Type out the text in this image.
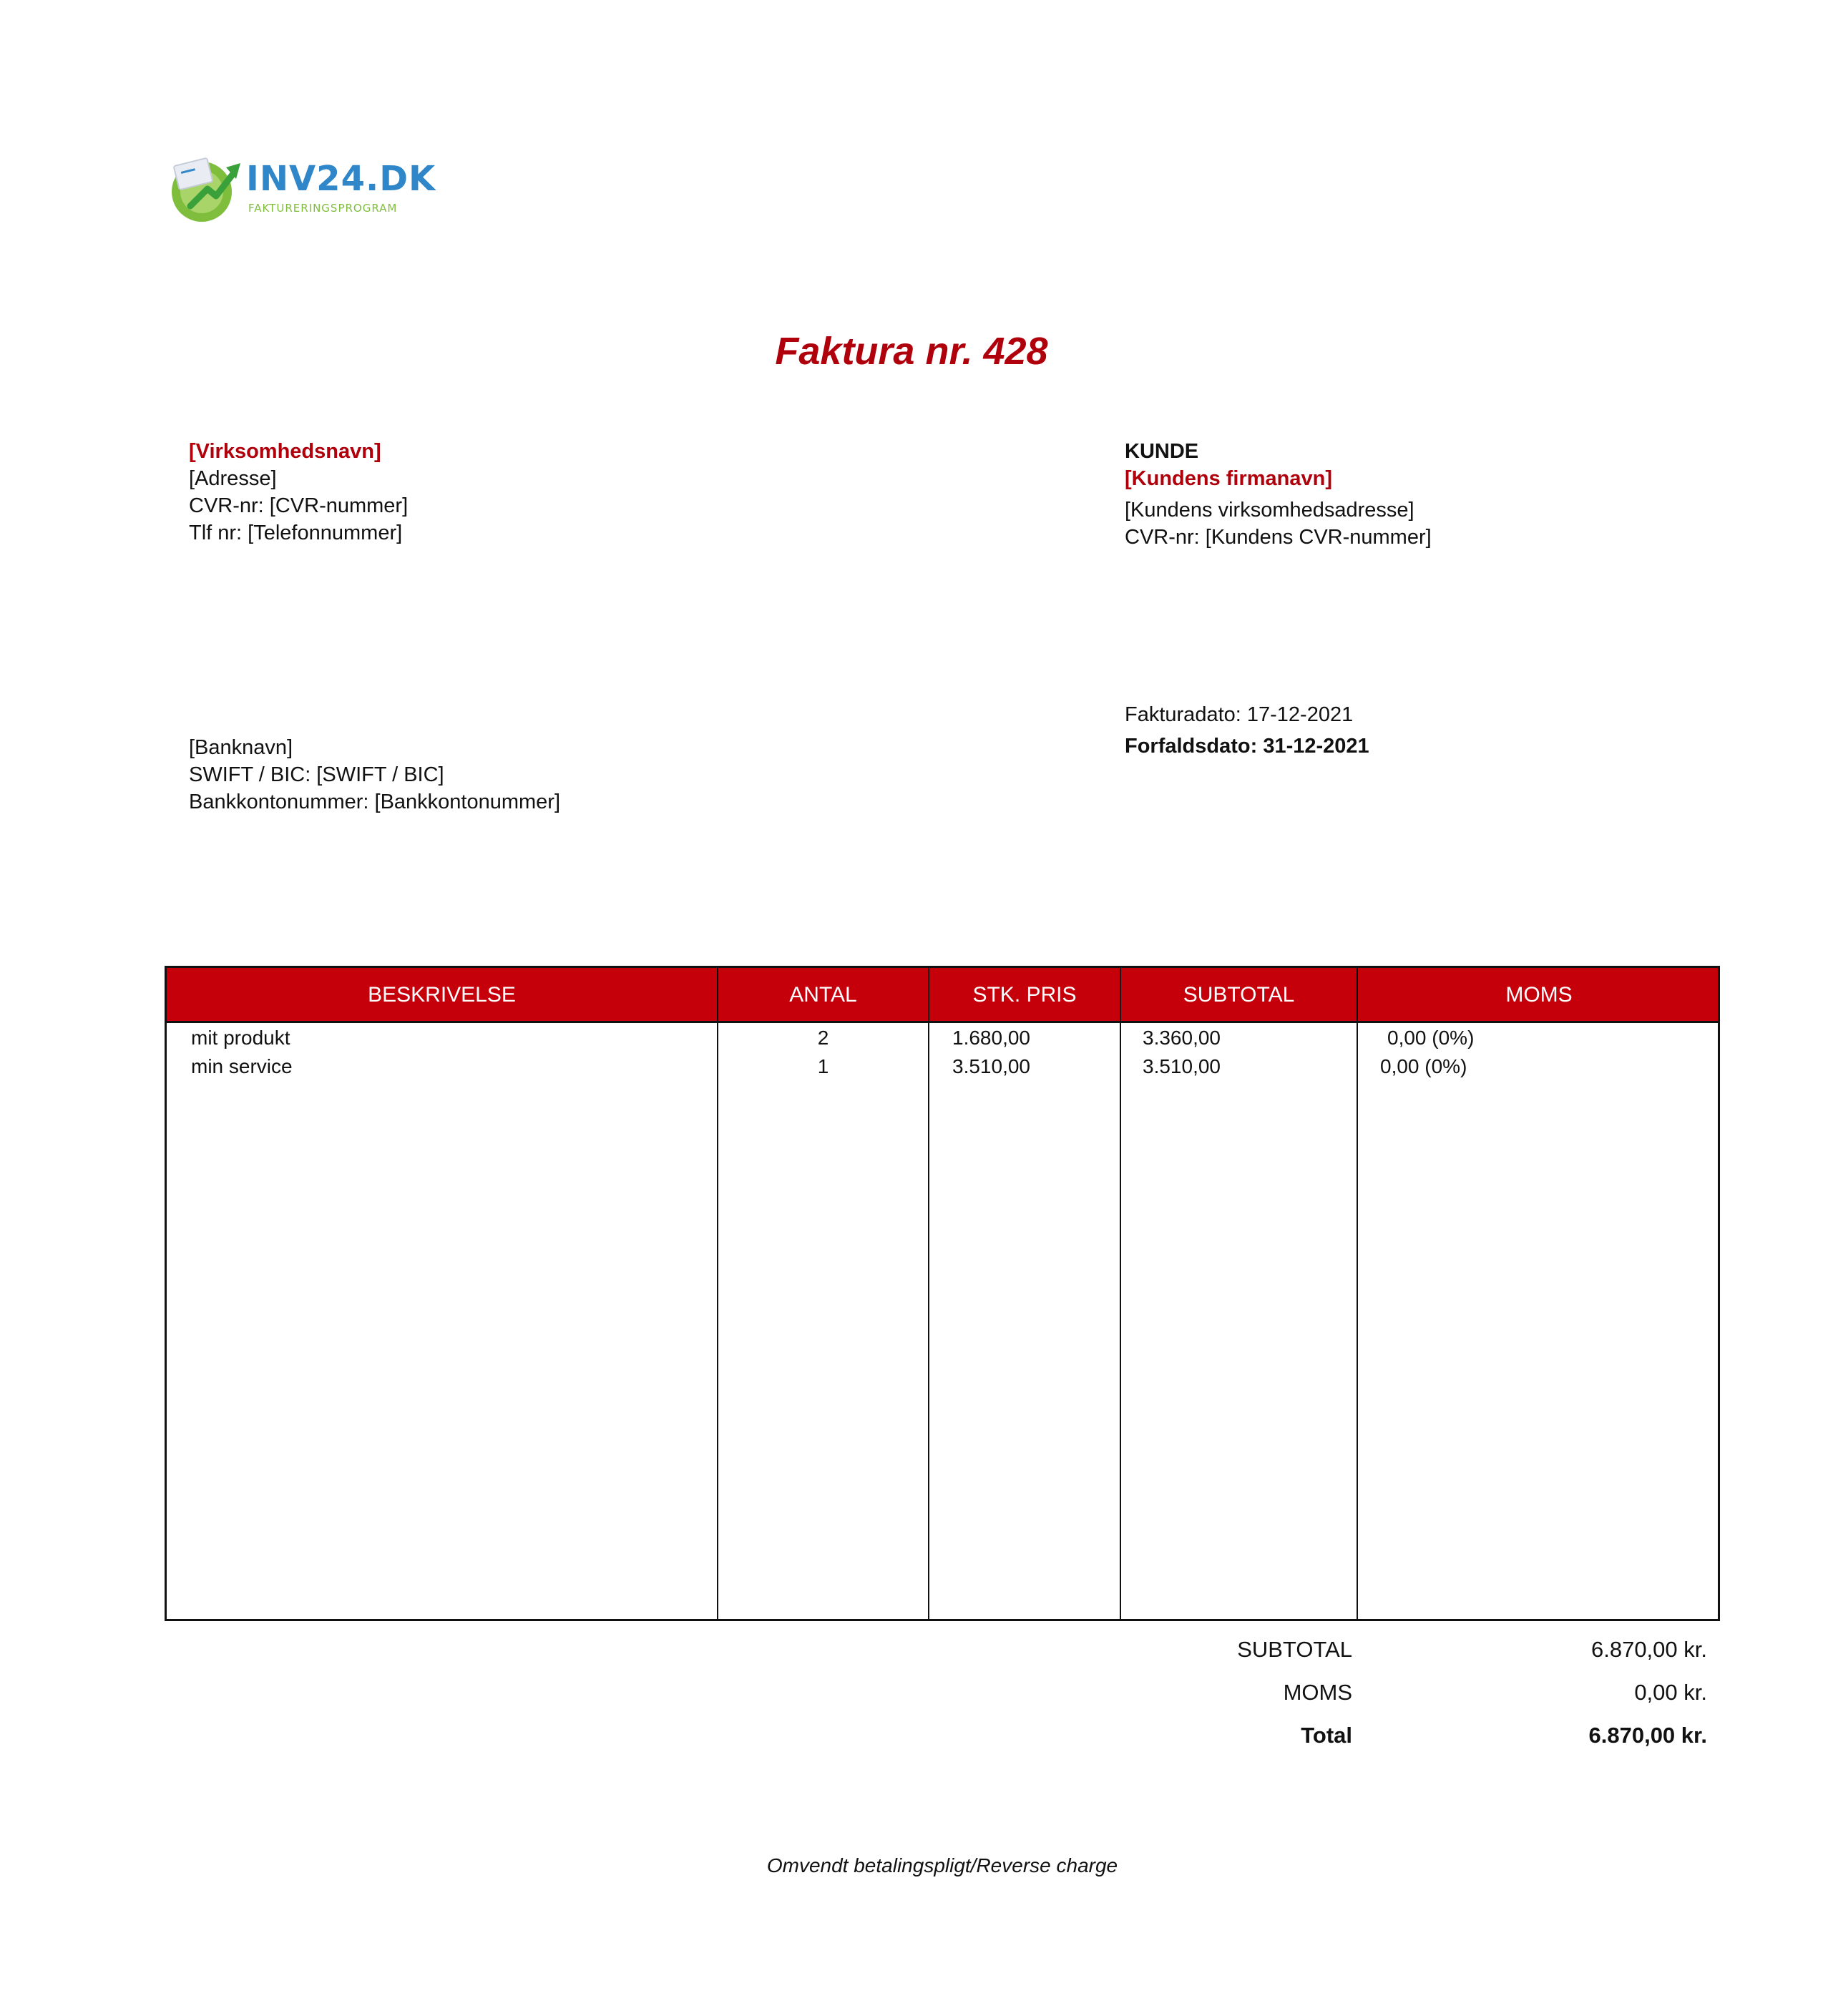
INV24.DK
FAKTURERINGSPROGRAM
Faktura nr. 428
[Virksomhedsnavn]
[Adresse]
CVR-nr: [CVR-nummer]
Tlf nr: [Telefonnummer]
KUNDE
[Kundens firmanavn]
[Kundens virksomhedsadresse]
CVR-nr: [Kundens CVR-nummer]
[Banknavn]
SWIFT / BIC: [SWIFT / BIC]
Bankkontonummer: [Bankkontonummer]
Fakturadato: 17-12-2021
Forfaldsdato: 31-12-2021
BESKRIVELSE	ANTAL	STK. PRIS	SUBTOTAL	MOMS
mit produkt	2	1.680,00	3.360,00	0,00 (0%)
min service	1	3.510,00	3.510,00	0,00 (0%)
SUBTOTAL	6.870,00 kr.
MOMS	0,00 kr.
Total	6.870,00 kr.
Omvendt betalingspligt/Reverse charge
